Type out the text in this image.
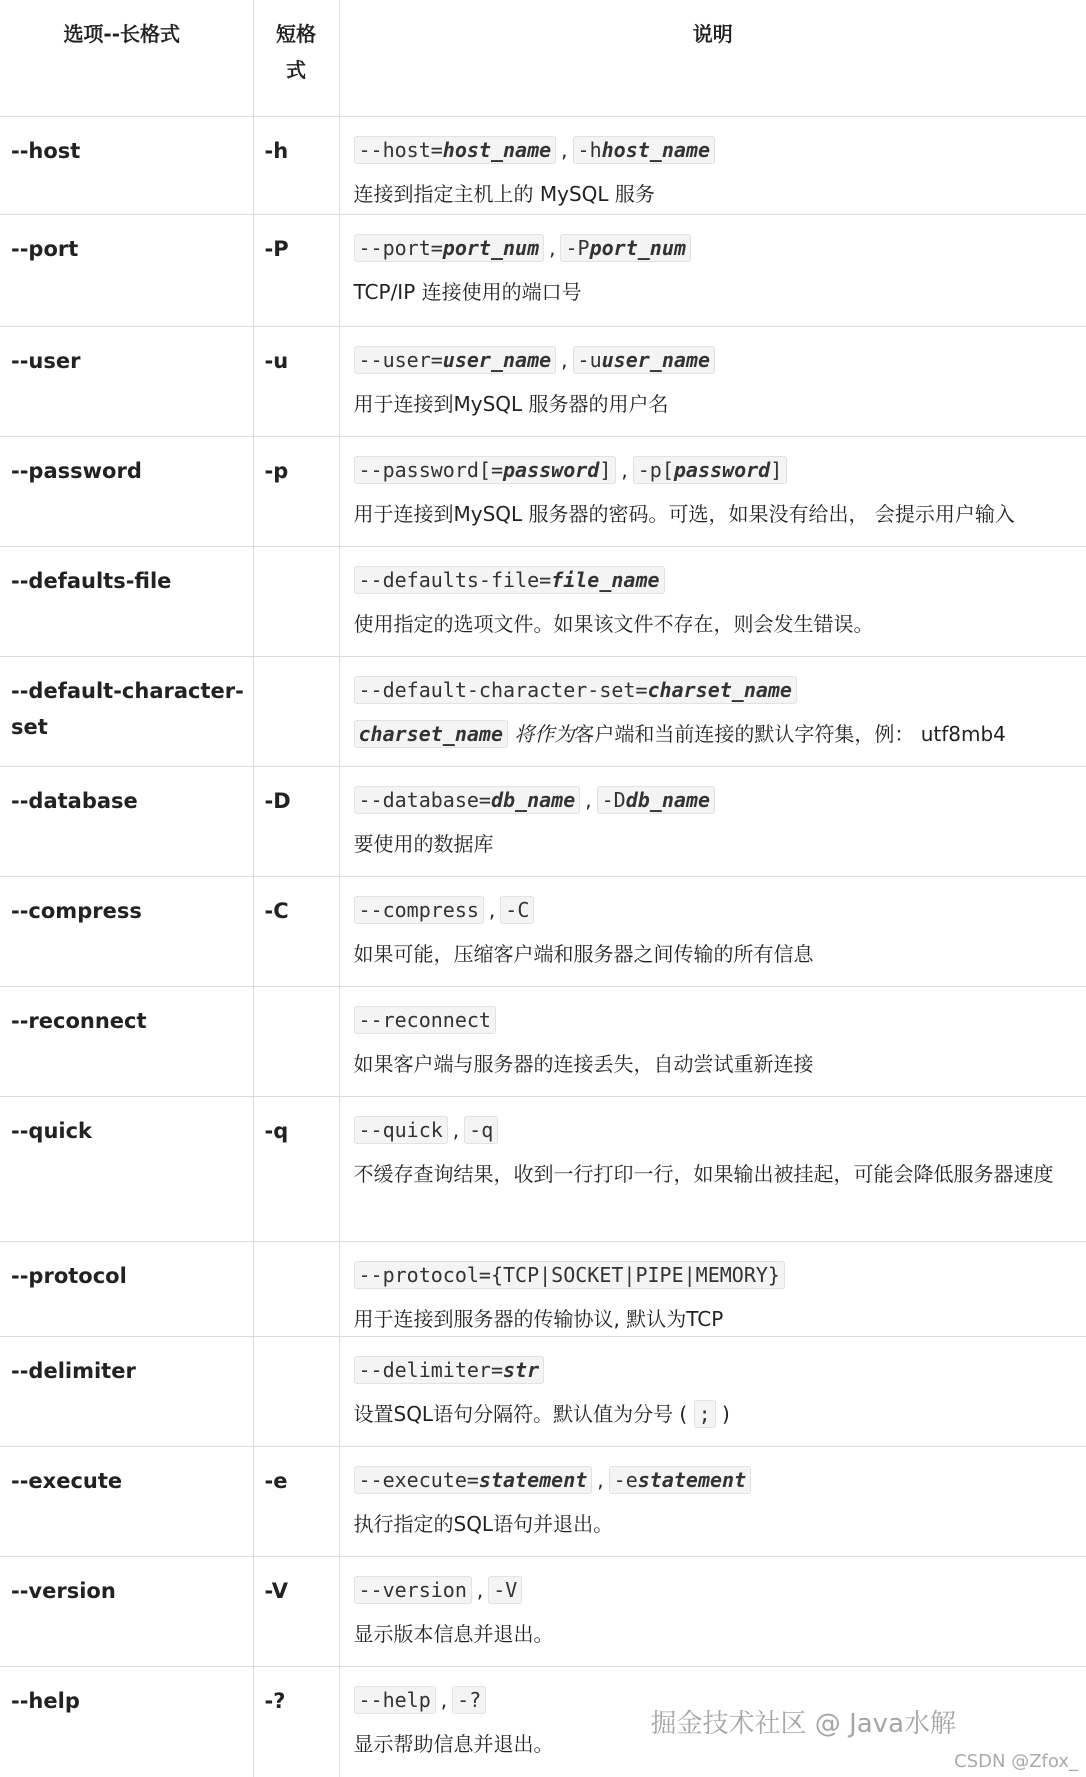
选项--长格式	短格
式	说明
--host	-h	--host=host_name , -hhost_name
连接到指定主机上的 MySQL 服务

--port	-P	--port=port_num , -Pport_num
TCP/IP 连接使用的端口号

--user	-u	--user=user_name , -uuser_name
用于连接到MySQL 服务器的用户名

--password	-p	--password[=password] , -p[password]
用于连接到MySQL 服务器的密码。可选，如果没有给出， 会提示用户输入

--defaults-file		--defaults-file=file_name
使用指定的选项文件。如果该文件不存在，则会发生错误。

--default-character-set		--default-character-set=charset_name
charset_name 将作为客户端和当前连接的默认字符集，例： utf8mb4

--database	-D	--database=db_name , -Ddb_name
要使用的数据库

--compress	-C	--compress , -C
如果可能，压缩客户端和服务器之间传输的所有信息

--reconnect		--reconnect
如果客户端与服务器的连接丢失，自动尝试重新连接

--quick	-q	--quick , -q
不缓存查询结果，收到一行打印一行，如果输出被挂起，可能会降低服务器速度

--protocol		--protocol={TCP|SOCKET|PIPE|MEMORY}
用于连接到服务器的传输协议, 默认为TCP

--delimiter		--delimiter=str
设置SQL语句分隔符。默认值为分号 ( ; )

--execute	-e	--execute=statement , -estatement
执行指定的SQL语句并退出。

--version	-V	--version , -V
显示版本信息并退出。

--help	-?	--help , -?
显示帮助信息并退出。
掘金技术社区 @ Java水解
CSDN @Zfox_
